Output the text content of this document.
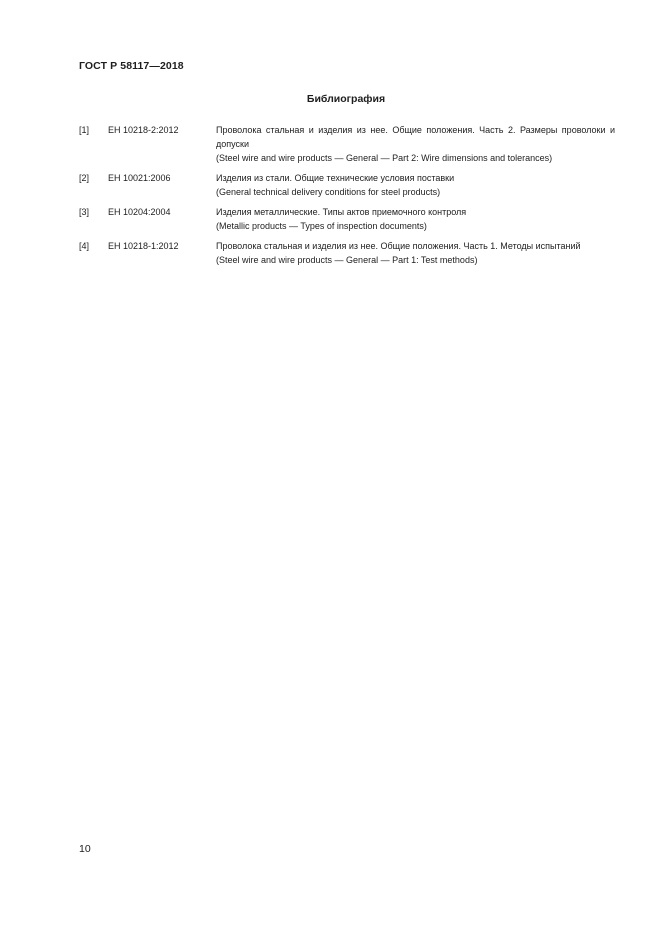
ГОСТ Р 58117—2018
Библиография
[1] ЕН 10218-2:2012	Проволока стальная и изделия из нее. Общие положения. Часть 2. Размеры проволоки и допуски
(Steel wire and wire products — General — Part 2: Wire dimensions and tolerances)
[2] ЕН 10021:2006	Изделия из стали. Общие технические условия поставки
(General technical delivery conditions for steel products)
[3] ЕН 10204:2004	Изделия металлические. Типы актов приемочного контроля
(Metallic products — Types of inspection documents)
[4] ЕН 10218-1:2012	Проволока стальная и изделия из нее. Общие положения. Часть 1. Методы испытаний
(Steel wire and wire products — General — Part 1: Test methods)
10
